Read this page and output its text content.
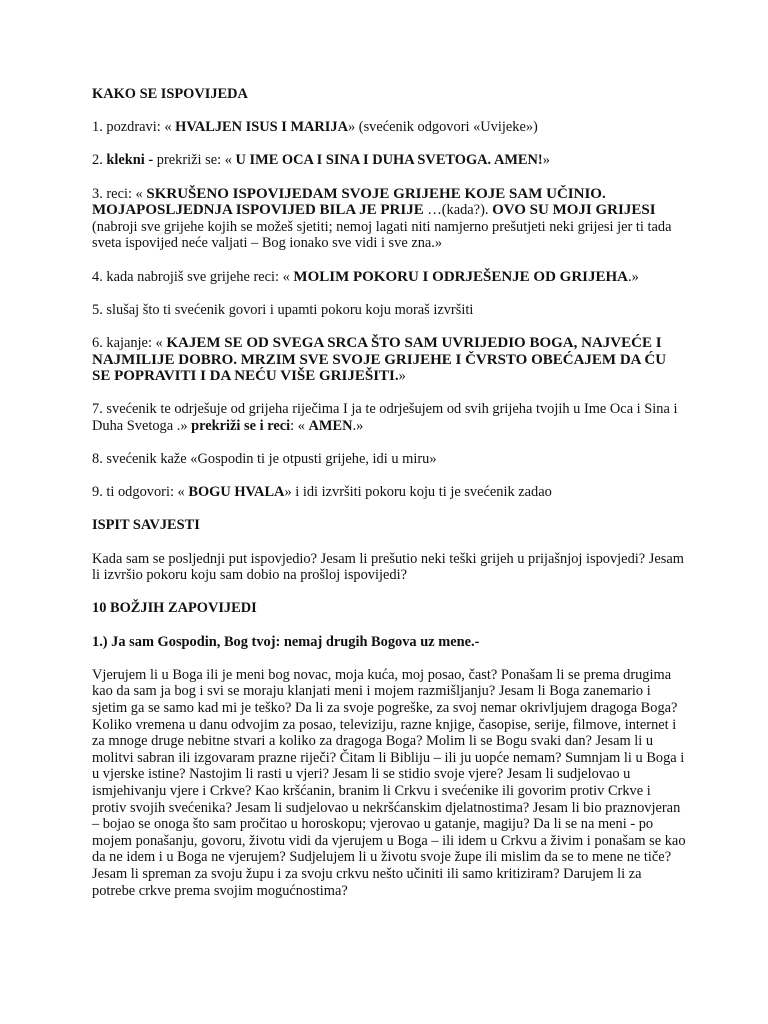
KAKO SE ISPOVIJEDA

1. pozdravi: « HVALJEN ISUS I MARIJA» (svećenik odgovori «Uvijeke»)

2. klekni - prekriži se: « U IME OCA I SINA I DUHA SVETOGA. AMEN!»

3. reci: « SKRUŠENO ISPOVIJEDAM SVOJE GRIJEHE KOJE SAM UČINIO. MOJAPOSLJEDNJA ISPOVIJED BILA JE PRIJE …(kada?). OVO SU MOJI GRIJESI (nabroji sve grijehe kojih se možeš sjetiti; nemoj lagati niti namjerno prešutjeti neki grijesi jer ti tada sveta ispovijed neće valjati – Bog ionako sve vidi i sve zna.»

4. kada nabrojiš sve grijehe reci: « MOLIM POKORU I ODRJEŠENJE OD GRIJEHA.»

5. slušaj što ti svećenik govori i upamti pokoru koju moraš izvršiti

6. kajanje: « KAJEM SE OD SVEGA SRCA ŠTO SAM UVRIJEDIO BOGA, NAJVEĆE I NAJMILIJE DOBRO. MRZIM SVE SVOJE GRIJEHE I ČVRSTO OBEĆAJEM DA ĆU SE POPRAVITI I DA NEĆU VIŠE GRIJEŠITI.»

7. svećenik te odrješuje od grijeha riječima I ja te odrješujem od svih grijeha tvojih u Ime Oca i Sina i Duha Svetoga .» prekriži se i reci: « AMEN.»

8. svećenik kaže «Gospodin ti je otpusti grijehe, idi u miru»

9. ti odgovori: « BOGU HVALA» i idi izvršiti pokoru koju ti je svećenik zadao

ISPIT SAVJESTI

Kada sam se posljednji put ispovjedio? Jesam li prešutio neki teški grijeh u prijašnjoj ispovjedi? Jesam li izvršio pokoru koju sam dobio na prošloj ispovijedi?

10 BOŽJIH ZAPOVIJEDI

1.) Ja sam Gospodin, Bog tvoj: nemaj drugih Bogova uz mene.-

Vjerujem li u Boga ili je meni bog novac, moja kuća, moj posao, čast? Ponašam li se prema drugima kao da sam ja bog i svi se moraju klanjati meni i mojem razmišljanju? Jesam li Boga zanemario i sjetim ga se samo kad mi je teško? Da li za svoje pogreške, za svoj nemar okrivljujem dragoga Boga? Koliko vremena u danu odvojim za posao, televiziju, razne knjige, časopise, serije, filmove, internet i za mnoge druge nebitne stvari a koliko za dragoga Boga? Molim li se Bogu svaki dan? Jesam li u molitvi sabran ili izgovaram prazne riječi? Čitam li Bibliju – ili ju uopće nemam? Sumnjam li u Boga i u vjerske istine? Nastojim li rasti u vjeri? Jesam li se stidio svoje vjere? Jesam li sudjelovao u ismjehivanju vjere i Crkve? Kao kršćanin, branim li Crkvu i svećenike ili govorim protiv Crkve i protiv svojih svećenika? Jesam li sudjelovao u nekršćanskim djelatnostima? Jesam li bio praznovjeran – bojao se onoga što sam pročitao u horoskopu; vjerovao u gatanje, magiju? Da li se na meni - po mojem ponašanju, govoru, životu vidi da vjerujem u Boga – ili idem u Crkvu a živim i ponašam se kao da ne idem i u Boga ne vjerujem? Sudjelujem li u životu svoje župe ili mislim da se to mene ne tiče? Jesam li spreman za svoju župu i za svoju crkvu nešto učiniti ili samo kritiziram? Darujem li za potrebe crkve prema svojim mogućnostima?
